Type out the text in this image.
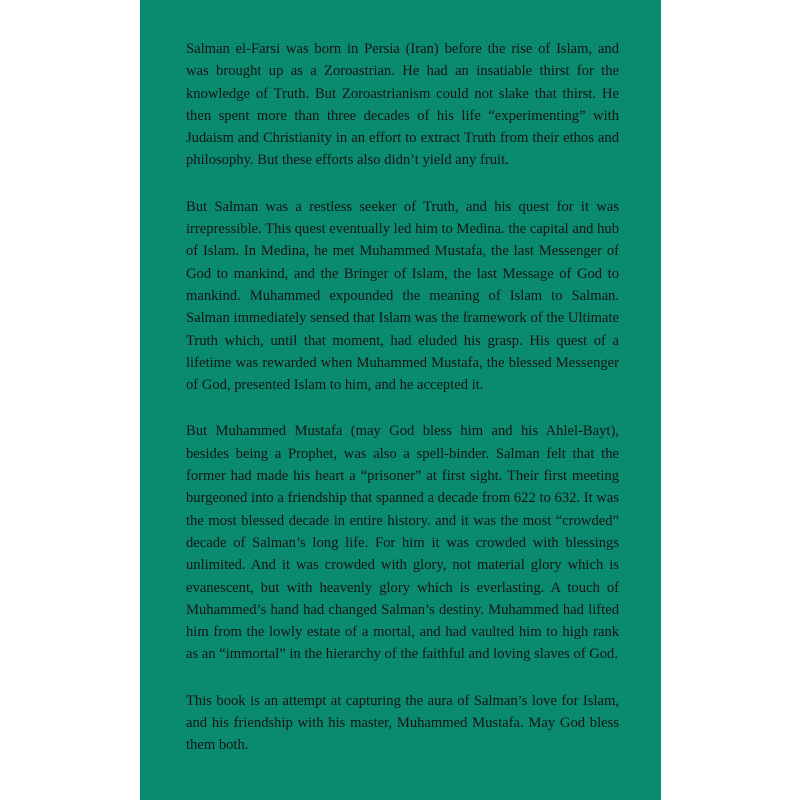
Salman el-Farsi was born in Persia (Iran) before the rise of Islam, and was brought up as a Zoroastrian. He had an insatiable thirst for the knowledge of Truth. But Zoroastrianism could not slake that thirst. He then spent more than three decades of his life “experimenting” with Judaism and Christianity in an effort to extract Truth from their ethos and philosophy. But these efforts also didn’t yield any fruit.

But Salman was a restless seeker of Truth, and his quest for it was irrepressible. This quest eventually led him to Medina. the capital and hub of Islam. In Medina, he met Muhammed Mustafa, the last Messenger of God to mankind, and the Bringer of Islam, the last Message of God to mankind. Muhammed expounded the meaning of Islam to Salman. Salman immediately sensed that Islam was the framework of the Ultimate Truth which, until that moment, had eluded his grasp. His quest of a lifetime was rewarded when Muhammed Mustafa, the blessed Messenger of God, presented Islam to him, and he accepted it.

But Muhammed Mustafa (may God bless him and his Ahlel-Bayt), besides being a Prophet, was also a spell-binder. Salman felt that the former had made his heart a “prisoner” at first sight. Their first meeting burgeoned into a friendship that spanned a decade from 622 to 632. It was the most blessed decade in entire history. and it was the most “crowded” decade of Salman’s long life. For him it was crowded with blessings unlimited. And it was crowded with glory, not material glory which is evanescent, but with heavenly glory which is everlasting. A touch of Muhammed’s hand had changed Salman’s destiny. Muhammed had lifted him from the lowly estate of a mortal, and had vaulted him to high rank as an “immortal” in the hierarchy of the faithful and loving slaves of God.

This book is an attempt at capturing the aura of Salman’s love for Islam, and his friendship with his master, Muhammed Mustafa. May God bless them both.
